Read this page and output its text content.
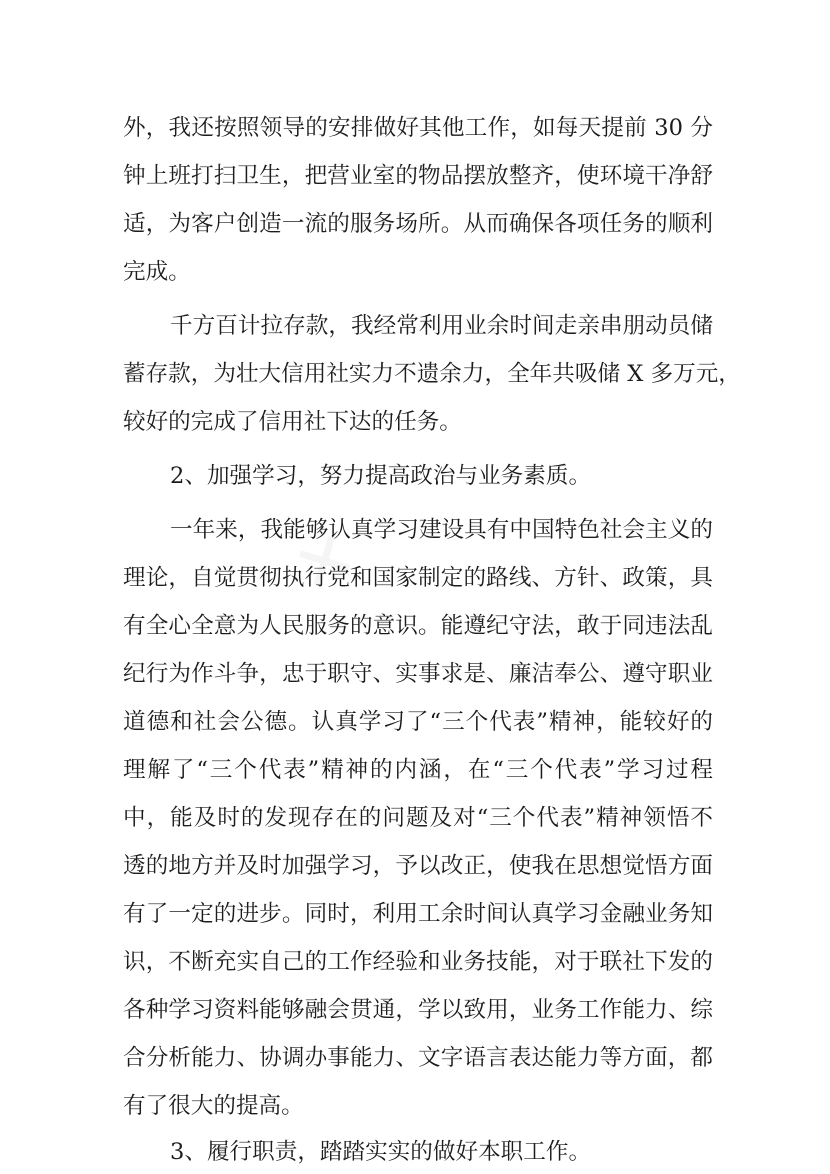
✕
外，我还按照领导的安排做好其他工作，如每天提前 30 分
钟上班打扫卫生，把营业室的物品摆放整齐，使环境干净舒
适，为客户创造一流的服务场所。从而确保各项任务的顺利
完成。
千方百计拉存款，我经常利用业余时间走亲串朋动员储
蓄存款，为壮大信用社实力不遗余力，全年共吸储 X 多万元，
较好的完成了信用社下达的任务。
2、加强学习，努力提高政治与业务素质。
一年来，我能够认真学习建设具有中国特色社会主义的
理论，自觉贯彻执行党和国家制定的路线、方针、政策，具
有全心全意为人民服务的意识。能遵纪守法，敢于同违法乱
纪行为作斗争，忠于职守、实事求是、廉洁奉公、遵守职业
道德和社会公德。认真学习了“三个代表”精神，能较好的
理解了“三个代表”精神的内涵，在“三个代表”学习过程
中，能及时的发现存在的问题及对“三个代表”精神领悟不
透的地方并及时加强学习，予以改正，使我在思想觉悟方面
有了一定的进步。同时，利用工余时间认真学习金融业务知
识，不断充实自己的工作经验和业务技能，对于联社下发的
各种学习资料能够融会贯通，学以致用，业务工作能力、综
合分析能力、协调办事能力、文字语言表达能力等方面，都
有了很大的提高。
3、履行职责，踏踏实实的做好本职工作。
